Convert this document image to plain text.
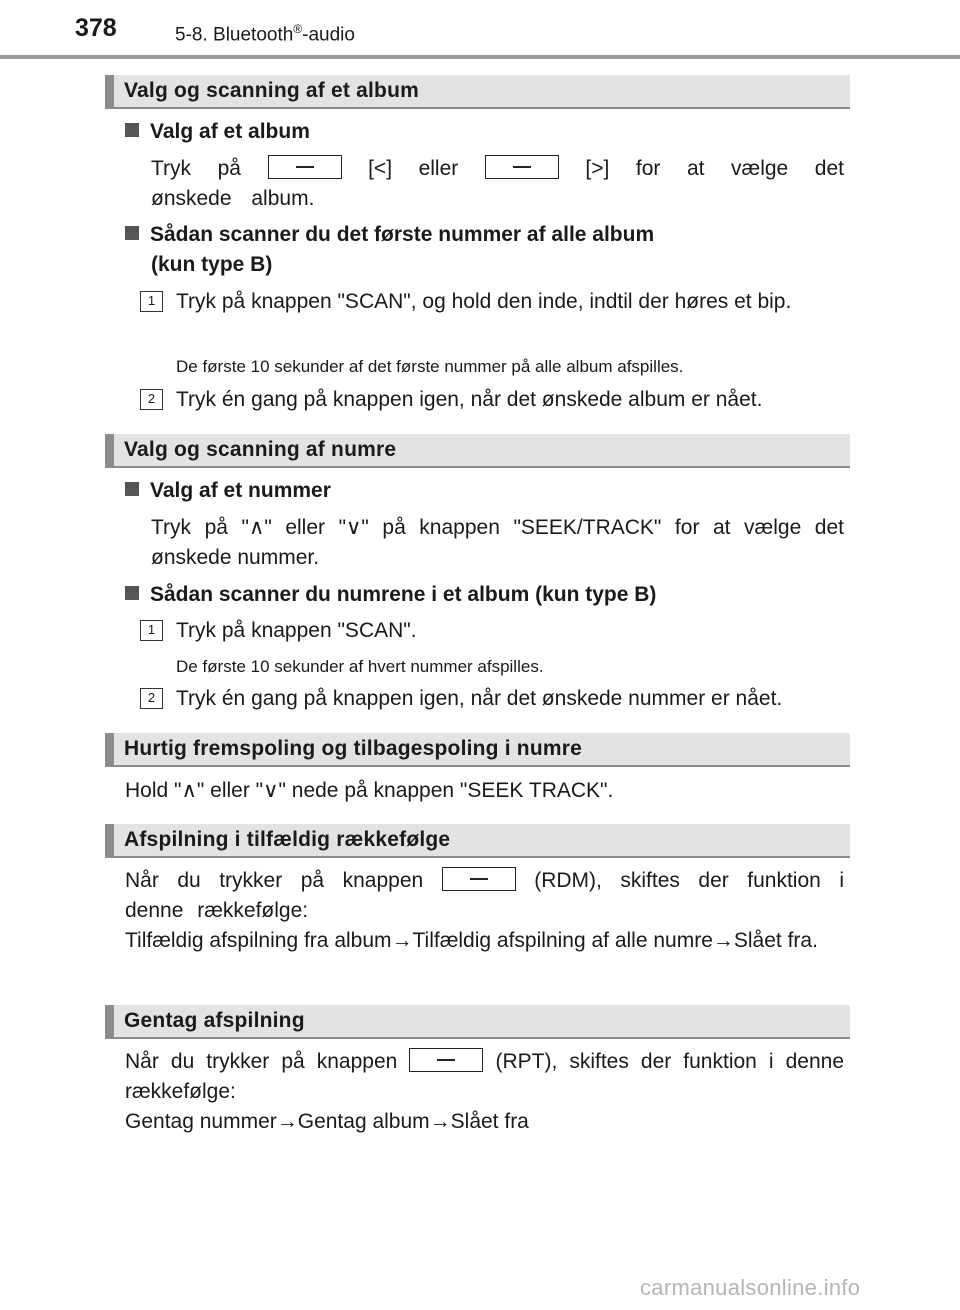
378	5-8. Bluetooth®-audio
Valg og scanning af et album
Valg af et album
Tryk på	[<] eller	[>] for at vælge det ønskede album.
Sådan scanner du det første nummer af alle album
(kun type B)
1 Tryk på knappen "SCAN", og hold den inde, indtil der høres et bip.
De første 10 sekunder af det første nummer på alle album afspilles.
2 Tryk én gang på knappen igen, når det ønskede album er nået.
Valg og scanning af numre
Valg af et nummer
Tryk på "∧" eller "∨" på knappen "SEEK/TRACK" for at vælge det ønskede nummer.
Sådan scanner du numrene i et album (kun type B)
1 Tryk på knappen "SCAN".
De første 10 sekunder af hvert nummer afspilles.
2 Tryk én gang på knappen igen, når det ønskede nummer er nået.
Hurtig fremspoling og tilbagespoling i numre
Hold "∧" eller "∨" nede på knappen "SEEK TRACK".
Afspilning i tilfældig rækkefølge
Når du trykker på knappen	(RDM), skiftes der funktion i denne rækkefølge:
Tilfældig afspilning fra album→Tilfældig afspilning af alle numre→Slået fra.
Gentag afspilning
Når du trykker på knappen	(RPT), skiftes der funktion i denne rækkefølge:
Gentag nummer→Gentag album→Slået fra
carmanualsonline.info
